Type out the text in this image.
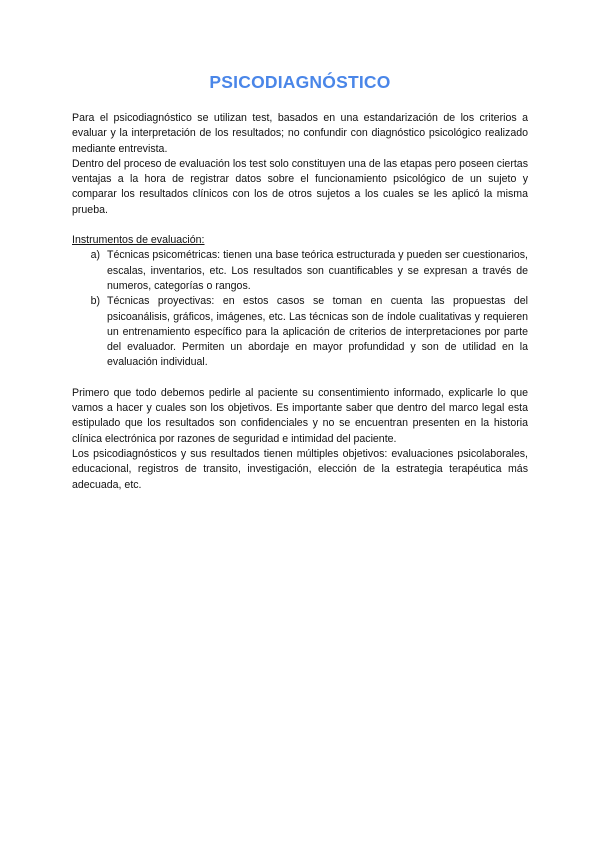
PSICODIAGNÓSTICO

Para el psicodiagnóstico se utilizan test, basados en una estandarización de los criterios a evaluar y la interpretación de los resultados; no confundir con diagnóstico psicológico realizado mediante entrevista.

Dentro del proceso de evaluación los test solo constituyen una de las etapas pero poseen ciertas ventajas a la hora de registrar datos sobre el funcionamiento psicológico de un sujeto y comparar los resultados clínicos con los de otros sujetos a los cuales se les aplicó la misma prueba.

Instrumentos de evaluación:

a) Técnicas psicométricas: tienen una base teórica estructurada y pueden ser cuestionarios, escalas, inventarios, etc. Los resultados son cuantificables y se expresan a través de numeros, categorías o rangos.
b) Técnicas proyectivas: en estos casos se toman en cuenta las propuestas del psicoanálisis, gráficos, imágenes, etc. Las técnicas son de índole cualitativas y requieren un entrenamiento específico para la aplicación de criterios de interpretaciones por parte del evaluador. Permiten un abordaje en mayor profundidad y son de utilidad en la evaluación individual.

Primero que todo debemos pedirle al paciente su consentimiento informado, explicarle lo que vamos a hacer y cuales son los objetivos. Es importante saber que dentro del marco legal esta estipulado que los resultados son confidenciales y no se encuentran presenten en la historia clínica electrónica por razones de seguridad e intimidad del paciente.

Los psicodiagnósticos y sus resultados tienen múltiples objetivos: evaluaciones psicolaborales, educacional, registros de transito, investigación, elección de la estrategia terapéutica más adecuada, etc.
